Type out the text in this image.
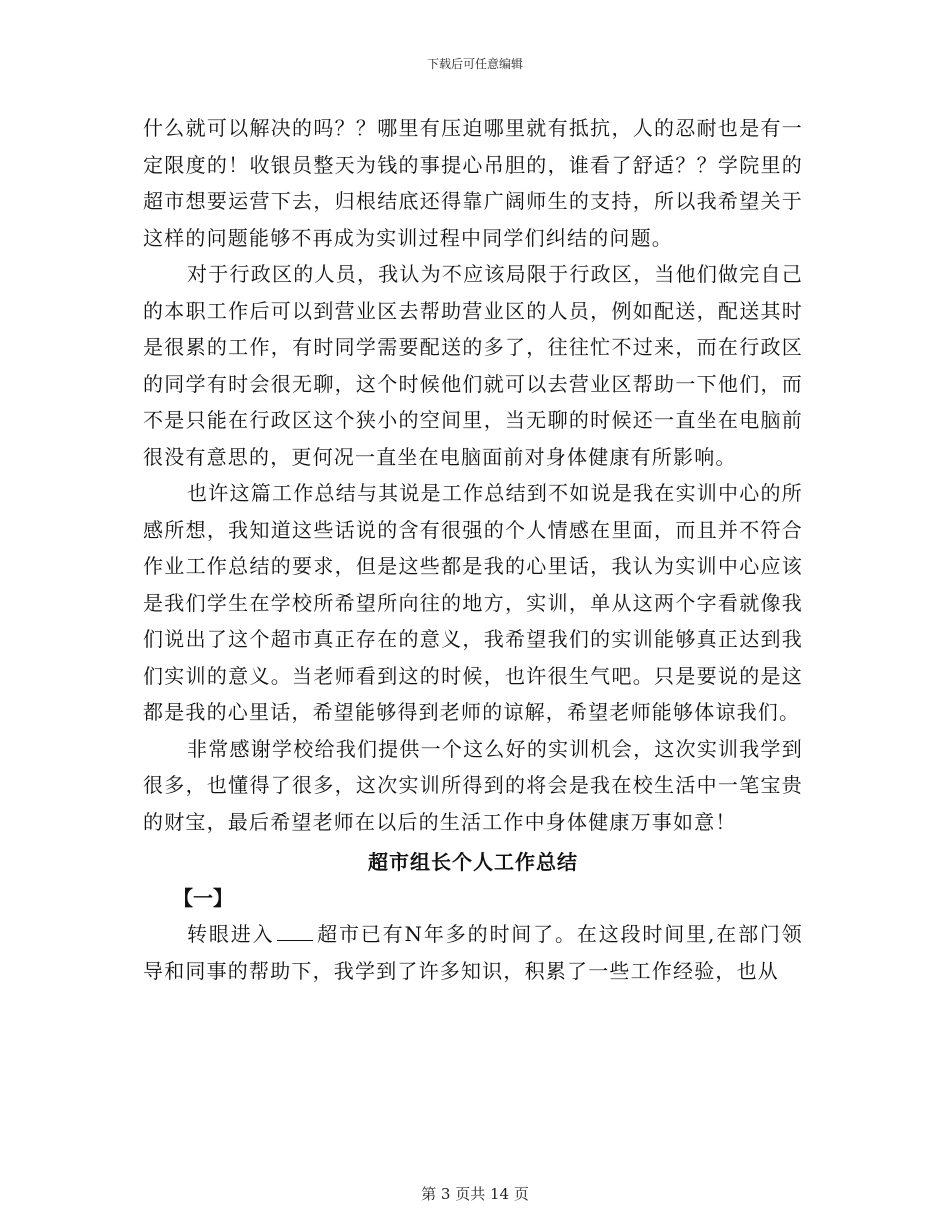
下载后可任意编辑

什么就可以解决的吗？？哪里有压迫哪里就有抵抗，人的忍耐也是有一定限度的！收银员整天为钱的事提心吊胆的，谁看了舒适？？学院里的超市想要运营下去，归根结底还得靠广阔师生的支持，所以我希望关于这样的问题能够不再成为实训过程中同学们纠结的问题。

对于行政区的人员，我认为不应该局限于行政区，当他们做完自己的本职工作后可以到营业区去帮助营业区的人员，例如配送，配送其时是很累的工作，有时同学需要配送的多了，往往忙不过来，而在行政区的同学有时会很无聊，这个时候他们就可以去营业区帮助一下他们，而不是只能在行政区这个狭小的空间里，当无聊的时候还一直坐在电脑前很没有意思的，更何况一直坐在电脑面前对身体健康有所影响。

也许这篇工作总结与其说是工作总结到不如说是我在实训中心的所感所想，我知道这些话说的含有很强的个人情感在里面，而且并不符合作业工作总结的要求，但是这些都是我的心里话，我认为实训中心应该是我们学生在学校所希望所向往的地方，实训，单从这两个字看就像我们说出了这个超市真正存在的意义，我希望我们的实训能够真正达到我们实训的意义。当老师看到这的时候，也许很生气吧。只是要说的是这都是我的心里话，希望能够得到老师的谅解，希望老师能够体谅我们。

非常感谢学校给我们提供一个这么好的实训机会，这次实训我学到很多，也懂得了很多，这次实训所得到的将会是我在校生活中一笔宝贵的财宝，最后希望老师在以后的生活工作中身体健康万事如意！

超市组长个人工作总结
【一】

转眼进入 超市已有N年多的时间了。在这段时间里,在部门领导和同事的帮助下，我学到了许多知识，积累了一些工作经验，也从

第 3 页共 14 页
